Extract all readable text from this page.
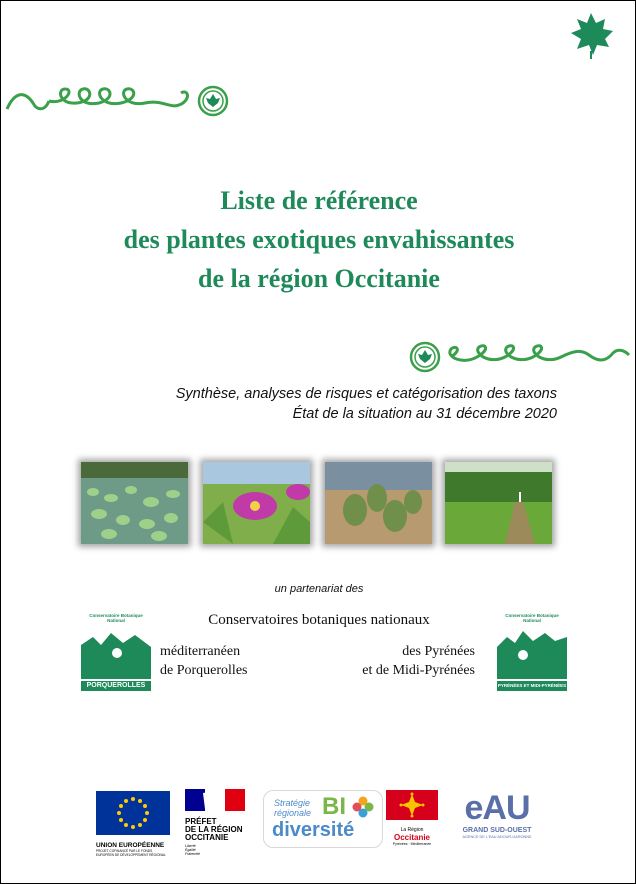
Liste de référence
des plantes exotiques envahissantes
de la région Occitanie
Synthèse, analyses de risques et catégorisation des taxons
État de la situation au 31 décembre 2020
un partenariat des
Conservatoires botaniques nationaux
méditerranéen
de Porquerolles
des Pyrénées
et de Midi-Pyrénées
Conservatoire Botanique National
PORQUEROLLES
Conservatoire Botanique National
PYRÉNÉES ET MIDI-PYRÉNÉES
UNION EUROPÉENNE
PROJET COFINANCÉ PAR LE FONDS EUROPÉEN DE DÉVELOPPEMENT RÉGIONAL
PRÉFET
DE LA RÉGION
OCCITANIE
Liberté
Égalité
Fraternité
Stratégie
régionale BI
diversité	La Région
Occitanie
Pyrénées · Méditerranée
eAU
GRAND SUD-OUEST
AGENCE DE L'EAU ADOUR-GARONNE
